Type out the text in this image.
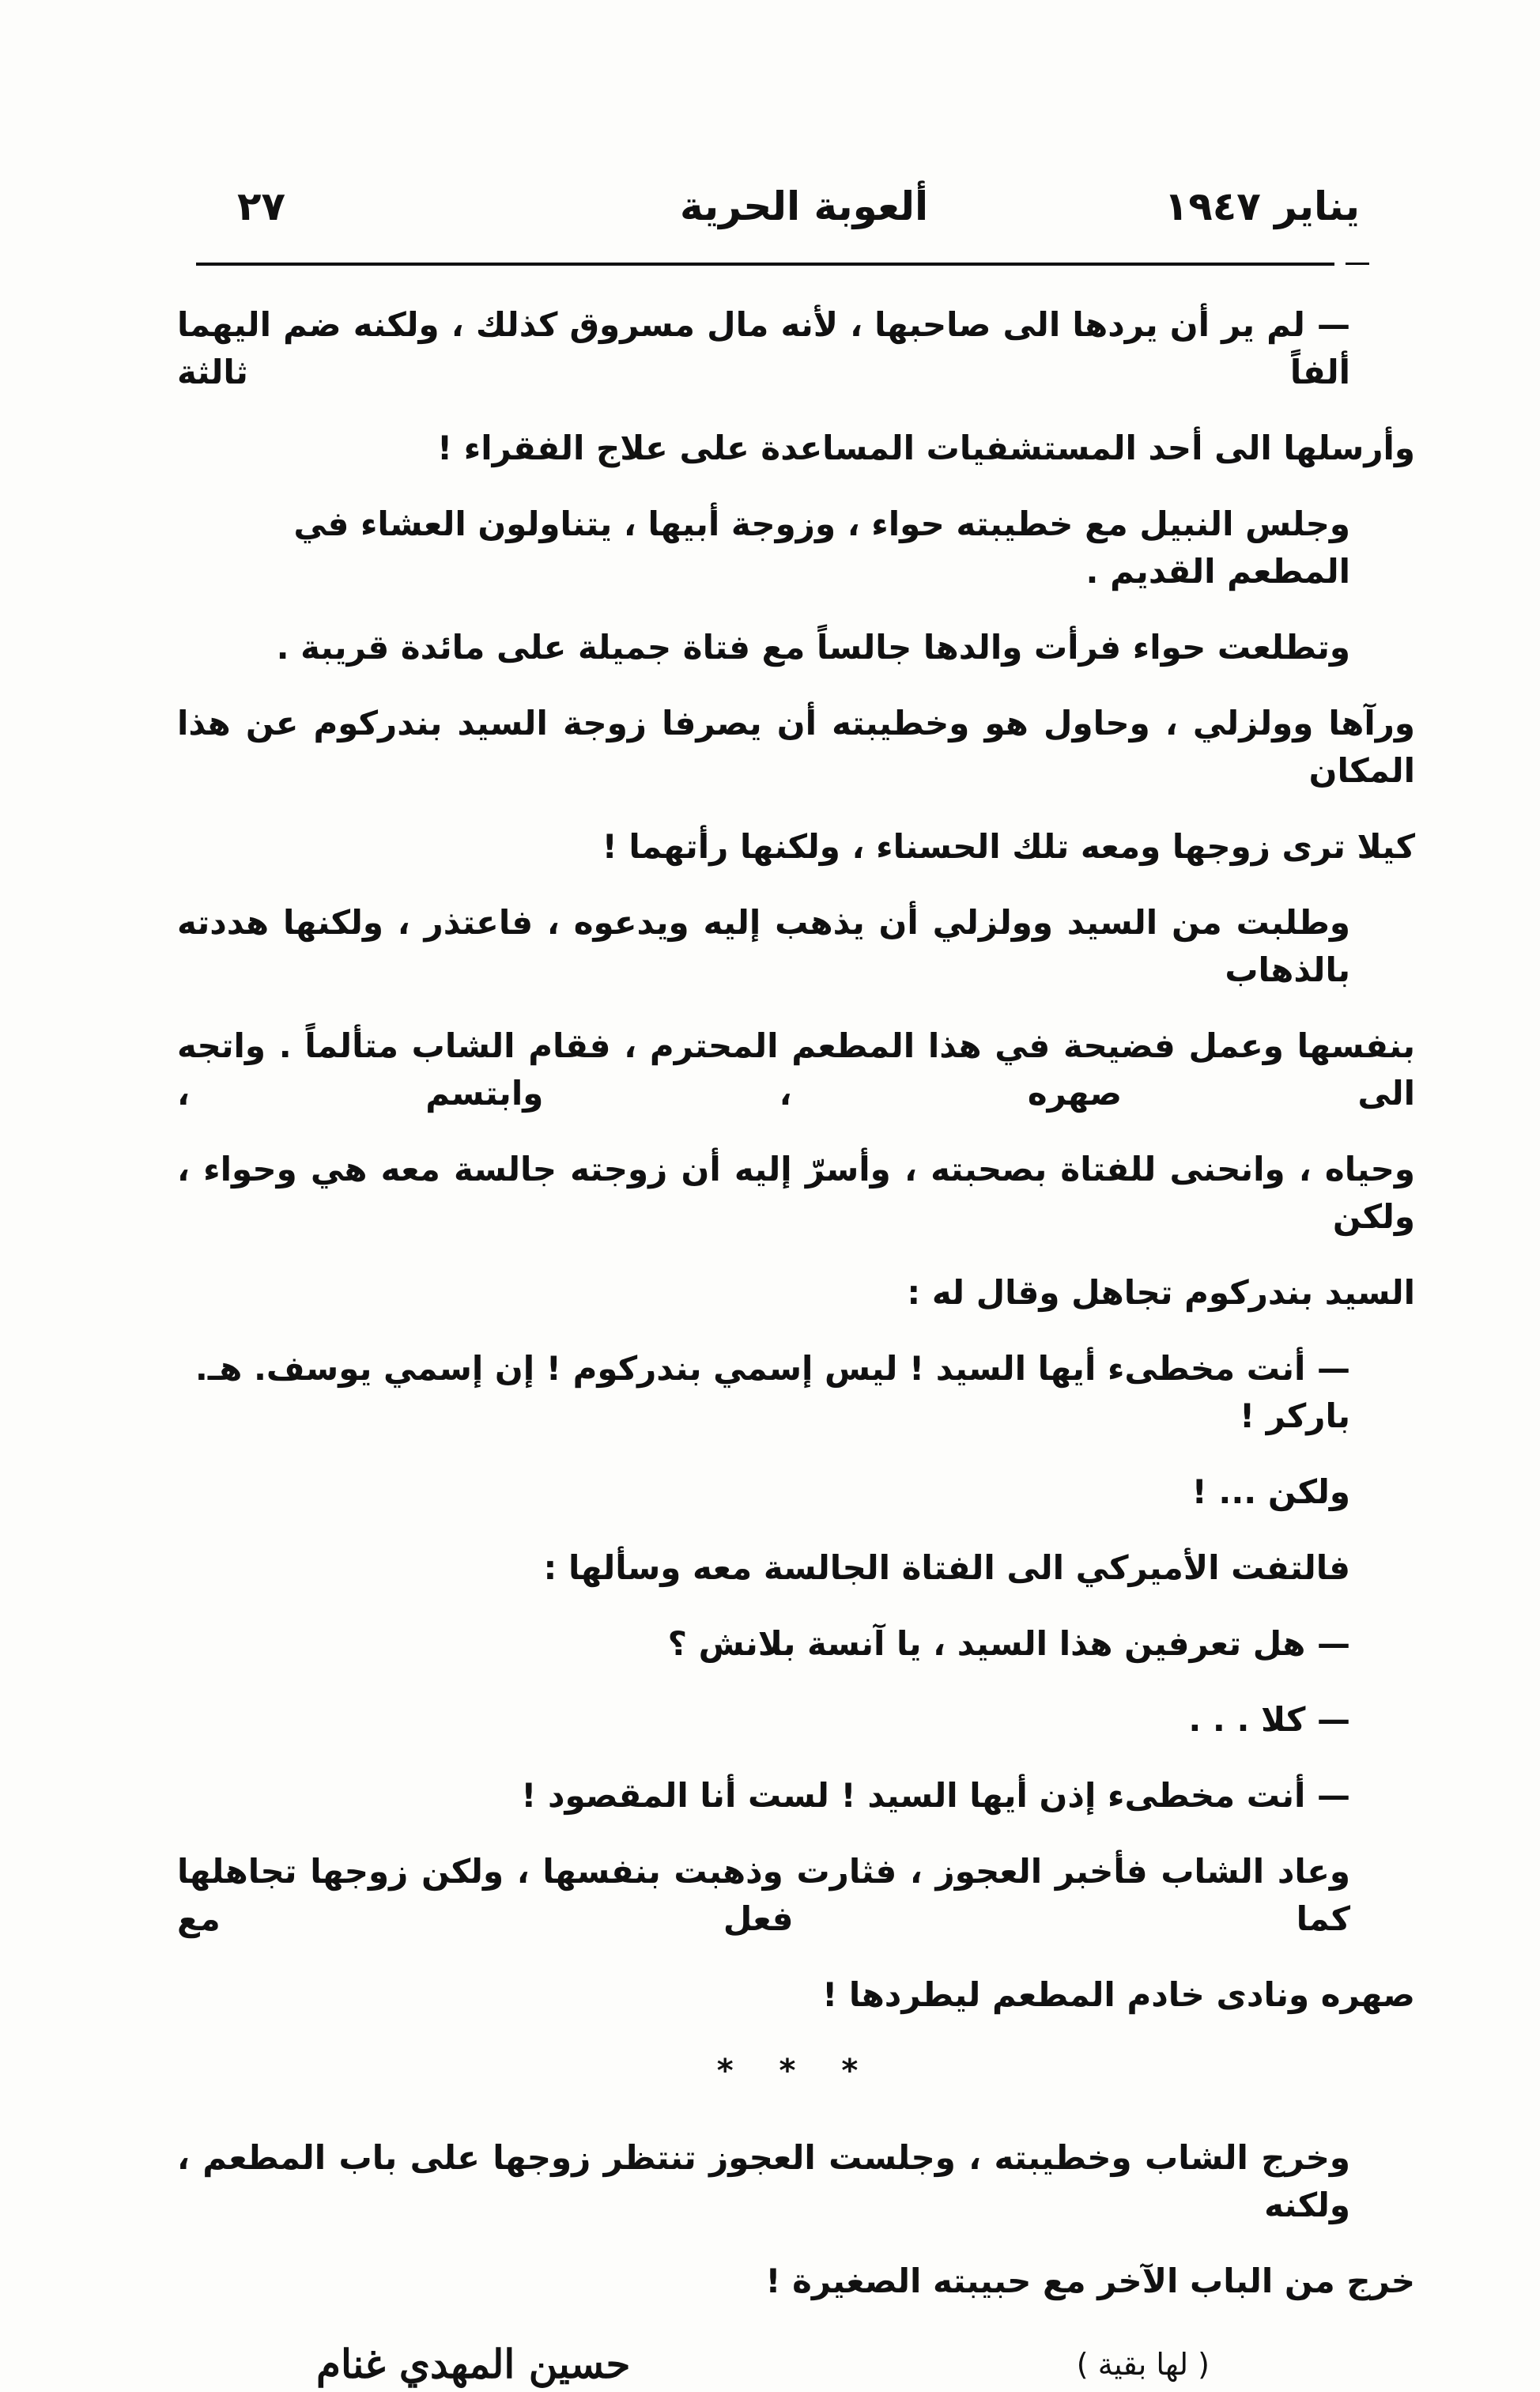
يناير ١٩٤٧
ألعوبة الحرية
٢٧
— لم ير أن يردها الى صاحبها ، لأنه مال مسروق كذلك ، ولكنه ضم اليهما ألفاً ثالثة
وأرسلها الى أحد المستشفيات المساعدة على علاج الفقراء !
وجلس النبيل مع خطيبته حواء ، وزوجة أبيها ، يتناولون العشاء في المطعم القديم .
وتطلعت حواء فرأت والدها جالساً مع فتاة جميلة على مائدة قريبة .
ورآها وولزلي ، وحاول هو وخطيبته أن يصرفا زوجة السيد بندركوم عن هذا المكان
كيلا ترى زوجها ومعه تلك الحسناء ، ولكنها رأتهما !
وطلبت من السيد وولزلي أن يذهب إليه ويدعوه ، فاعتذر ، ولكنها هددته بالذهاب
بنفسها وعمل فضيحة في هذا المطعم المحترم ، فقام الشاب متألماً . واتجه الى صهره ، وابتسم ،
وحياه ، وانحنى للفتاة بصحبته ، وأسرّ إليه أن زوجته جالسة معه هي وحواء ، ولكن
السيد بندركوم تجاهل وقال له :
— أنت مخطىء أيها السيد ! ليس إسمي بندركوم ! إن إسمي يوسف. هـ. باركر !
ولكن ... !
فالتفت الأميركي الى الفتاة الجالسة معه وسألها :
— هل تعرفين هذا السيد ، يا آنسة بلانش ؟
— كلا . . .
— أنت مخطىء إذن أيها السيد ! لست أنا المقصود !
وعاد الشاب فأخبر العجوز ، فثارت وذهبت بنفسها ، ولكن زوجها تجاهلها كما فعل مع
صهره ونادى خادم المطعم ليطردها !
* * *
وخرج الشاب وخطيبته ، وجلست العجوز تنتظر زوجها على باب المطعم ، ولكنه
خرج من الباب الآخر مع حبيبته الصغيرة !
حسين المهدي غنام	( لها بقية )
